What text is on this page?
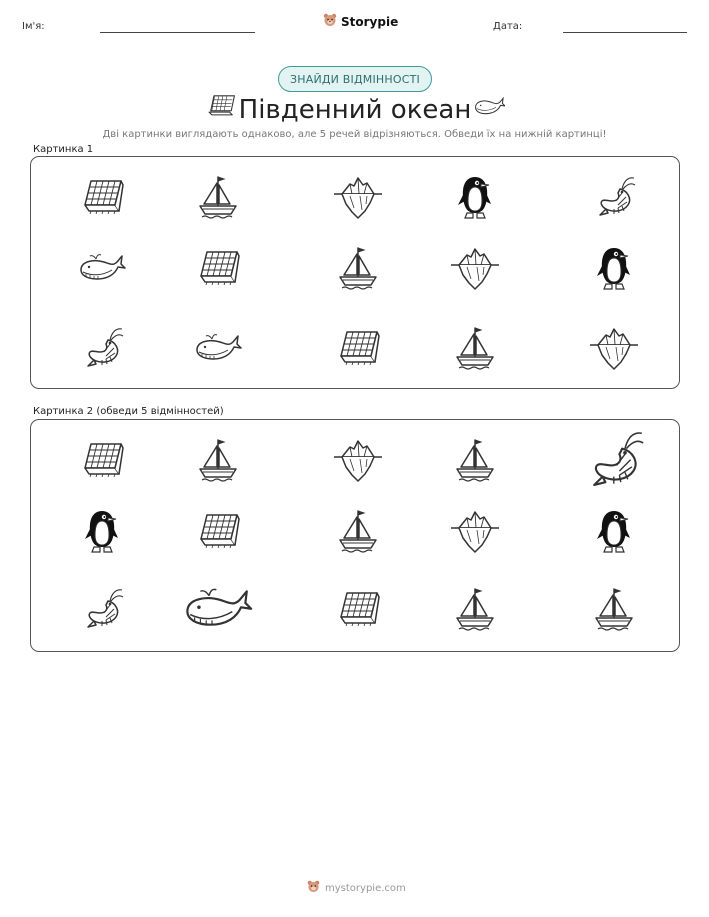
Ім'я:	Storypie	Дата:
ЗНАЙДИ ВІДМІННОСТІ
Південний океан
Дві картинки виглядають однаково, але 5 речей відрізняються. Обведи їх на нижній картинці!
Картинка 1
Картинка 2 (обведи 5 відмінностей)
mystorypie.com
